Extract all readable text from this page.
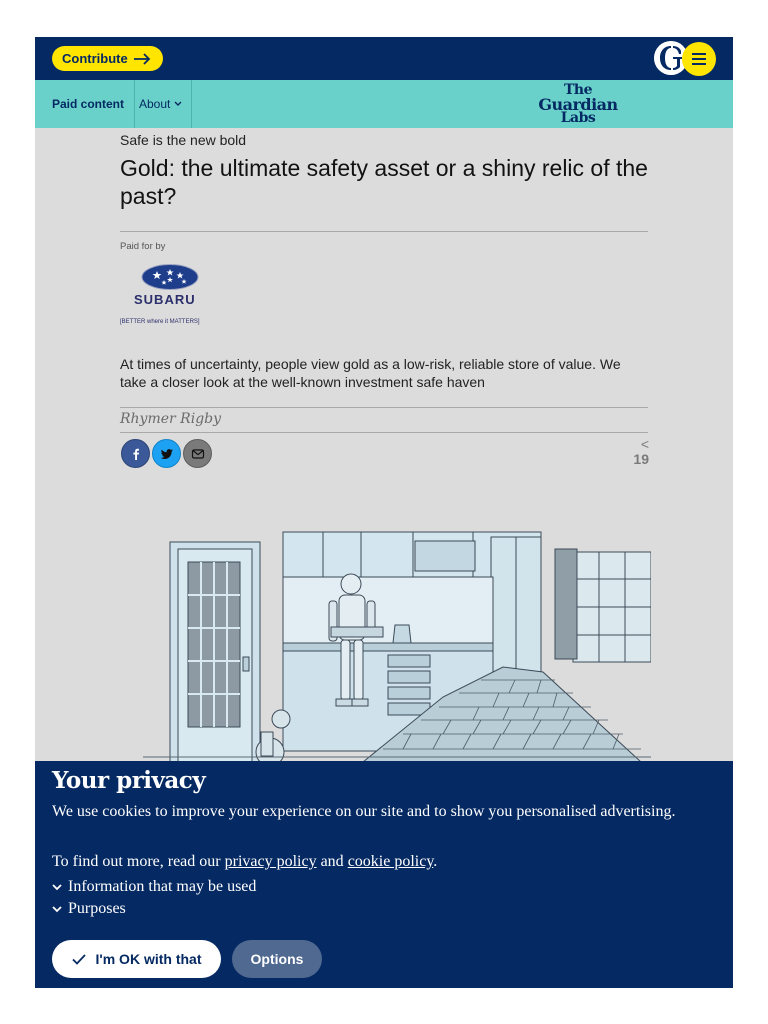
Contribute
Paid content	About
The
Guardian
Labs
Safe is the new bold
Gold: the ultimate safety asset or a shiny relic of the past?
Paid for by
SUBARU
[BETTER where it MATTERS]
At times of uncertainty, people view gold as a low-risk, reliable store of value. We take a closer look at the well-known investment safe haven
Rhymer Rigby
<
19
Your privacy

We use cookies to improve your experience on our site and to show you personalised advertising.

To find out more, read our privacy policy and cookie policy.

Information that may be used
Purposes
I'm OK with that	Options
